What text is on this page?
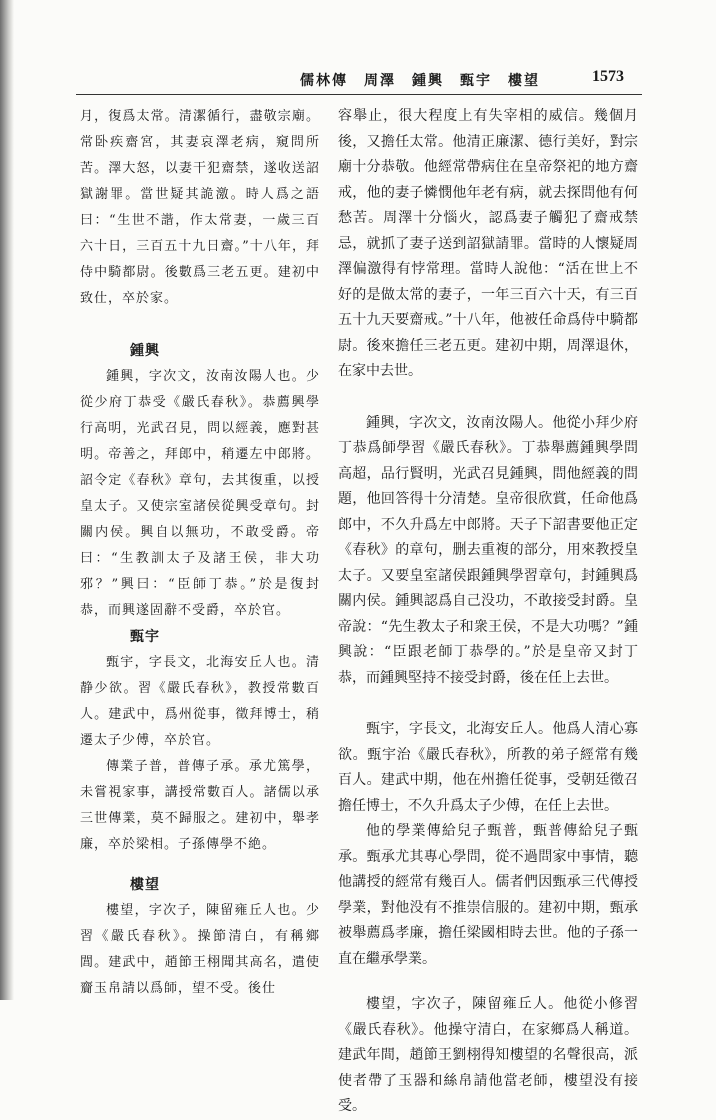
儒林傳　周澤　鍾興　甄宇　樓望	1573

月，復爲太常。清潔循行，盡敬宗廟。常卧疾齋宮，其妻哀澤老病，窺問所苦。澤大怒，以妻干犯齋禁，遂收送詔獄謝罪。當世疑其詭激。時人爲之語曰：“生世不諧，作太常妻，一歲三百六十日，三百五十九日齋。”十八年，拜侍中騎都尉。後數爲三老五更。建初中致仕，卒於家。

鍾興

鍾興，字次文，汝南汝陽人也。少從少府丁恭受《嚴氏春秋》。恭薦興學行高明，光武召見，問以經義，應對甚明。帝善之，拜郎中，稍遷左中郎將。詔令定《春秋》章句，去其復重，以授皇太子。又使宗室諸侯從興受章句。封關内侯。興自以無功，不敢受爵。帝曰：“生教訓太子及諸王侯，非大功邪？”興曰：“臣師丁恭。”於是復封恭，而興遂固辭不受爵，卒於官。

甄宇

甄宇，字長文，北海安丘人也。清静少欲。習《嚴氏春秋》，教授常數百人。建武中，爲州從事，徵拜博士，稍遷太子少傅，卒於官。

傳業子普，普傳子承。承尤篤學，未嘗視家事，講授常數百人。諸儒以承三世傳業，莫不歸服之。建初中，舉孝廉，卒於梁相。子孫傳學不絶。

樓望

樓望，字次子，陳留雍丘人也。少習《嚴氏春秋》。操節清白，有稱鄉閭。建武中，趙節王栩聞其高名，遣使齎玉帛請以爲師，望不受。後仕

容舉止，很大程度上有失宰相的威信。幾個月後，又擔任太常。他清正廉潔、德行美好，對宗廟十分恭敬。他經常帶病住在皇帝祭祀的地方齋戒，他的妻子憐憫他年老有病，就去探問他有何愁苦。周澤十分惱火，認爲妻子觸犯了齋戒禁忌，就抓了妻子送到詔獄請罪。當時的人懷疑周澤偏激得有悖常理。當時人說他：“活在世上不好的是做太常的妻子，一年三百六十天，有三百五十九天要齋戒。”十八年，他被任命爲侍中騎都尉。後來擔任三老五更。建初中期，周澤退休，在家中去世。

鍾興，字次文，汝南汝陽人。他從小拜少府丁恭爲師學習《嚴氏春秋》。丁恭舉薦鍾興學問高超，品行賢明，光武召見鍾興，問他經義的問題，他回答得十分清楚。皇帝很欣賞，任命他爲郎中，不久升爲左中郎將。天子下詔書要他正定《春秋》的章句，删去重複的部分，用來教授皇太子。又要皇室諸侯跟鍾興學習章句，封鍾興爲關内侯。鍾興認爲自己没功，不敢接受封爵。皇帝說：“先生教太子和衆王侯，不是大功嗎？”鍾興說：“臣跟老師丁恭學的。”於是皇帝又封丁恭，而鍾興堅持不接受封爵，後在任上去世。

甄宇，字長文，北海安丘人。他爲人清心寡欲。甄宇治《嚴氏春秋》，所教的弟子經常有幾百人。建武中期，他在州擔任從事，受朝廷徵召擔任博士，不久升爲太子少傅，在任上去世。

他的學業傳給兒子甄普，甄普傳給兒子甄承。甄承尤其專心學問，從不過問家中事情，聽他講授的經常有幾百人。儒者們因甄承三代傳授學業，對他没有不推崇信服的。建初中期，甄承被舉薦爲孝廉，擔任梁國相時去世。他的子孫一直在繼承學業。

樓望，字次子，陳留雍丘人。他從小修習《嚴氏春秋》。他操守清白，在家鄉爲人稱道。建武年間，趙節王劉栩得知樓望的名聲很高，派使者帶了玉器和絲帛請他當老師，樓望没有接受。
